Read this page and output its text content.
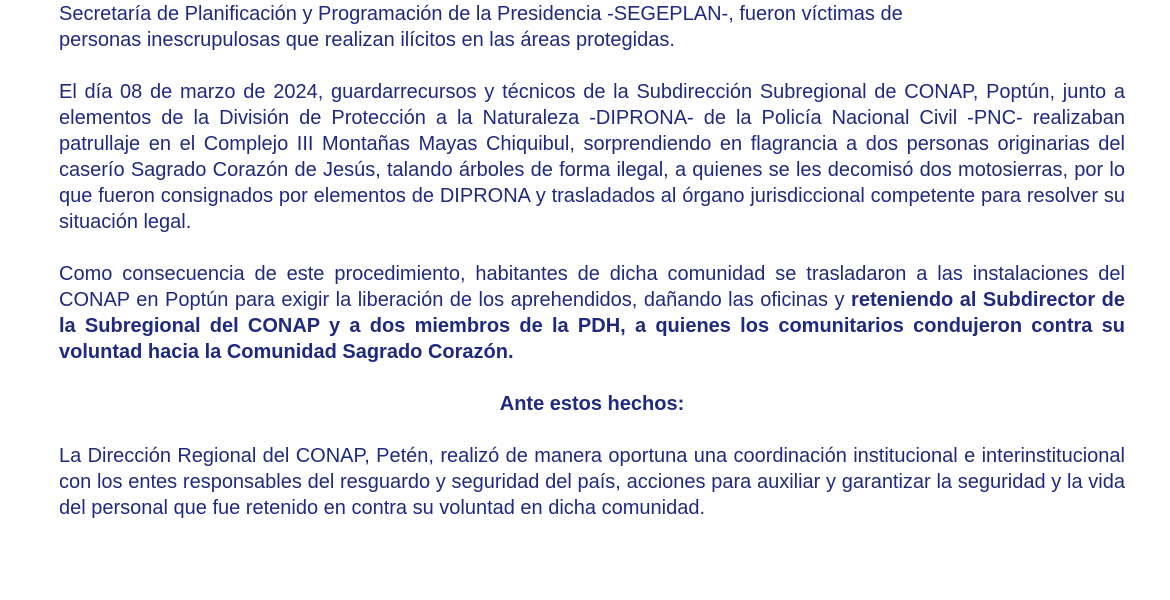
Secretaría de Planificación y Programación de la Presidencia -SEGEPLAN-, fueron víctimas de
personas inescrupulosas que realizan ilícitos en las áreas protegidas.

El día 08 de marzo de 2024, guardarrecursos y técnicos de la Subdirección Subregional de CONAP, Poptún, junto a elementos de la División de Protección a la Naturaleza -DIPRONA- de la Policía Nacional Civil -PNC- realizaban patrullaje en el Complejo III Montañas Mayas Chiquibul, sorprendiendo en flagrancia a dos personas originarias del caserío Sagrado Corazón de Jesús, talando árboles de forma ilegal, a quienes se les decomisó dos motosierras, por lo que fueron consignados por elementos de DIPRONA y trasladados al órgano jurisdiccional competente para resolver su situación legal.

Como consecuencia de este procedimiento, habitantes de dicha comunidad se trasladaron a las instalaciones del CONAP en Poptún para exigir la liberación de los aprehendidos, dañando las oficinas y reteniendo al Subdirector de la Subregional del CONAP y a dos miembros de la PDH, a quienes los comunitarios condujeron contra su voluntad hacia la Comunidad Sagrado Corazón.

Ante estos hechos:

La Dirección Regional del CONAP, Petén, realizó de manera oportuna una coordinación institucional e interinstitucional con los entes responsables del resguardo y seguridad del país, acciones para auxiliar y garantizar la seguridad y la vida del personal que fue retenido en contra su voluntad en dicha comunidad.
